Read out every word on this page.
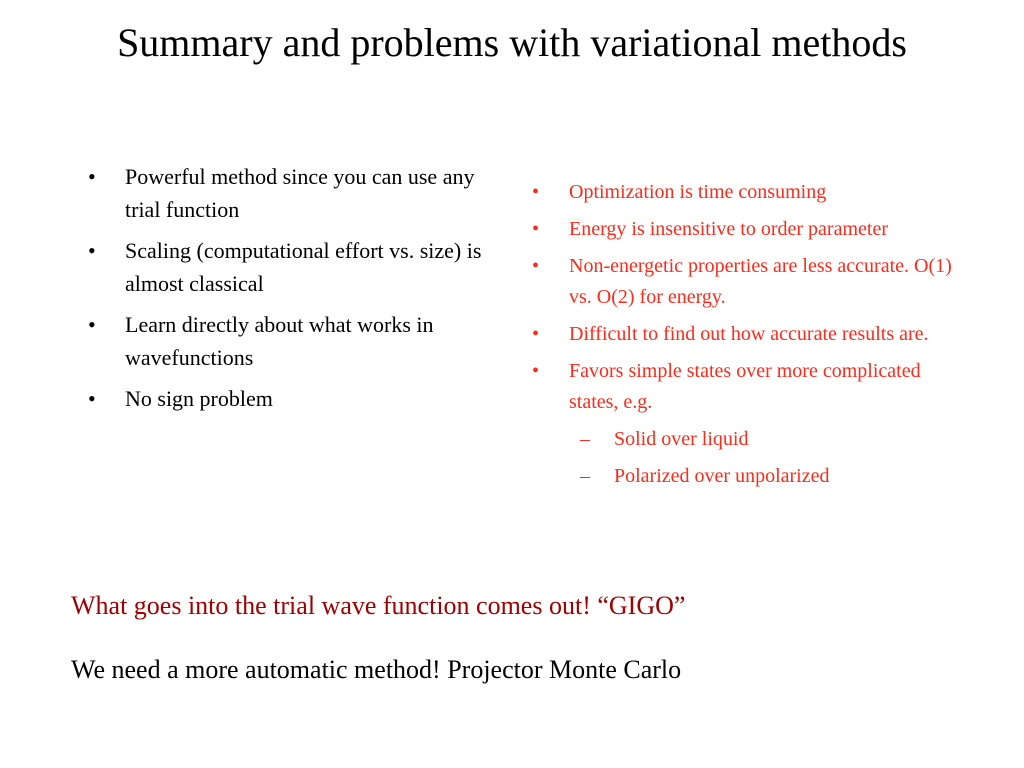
Summary and problems with variational methods
• Powerful method since you can use any trial function
• Scaling (computational effort vs. size) is almost classical
• Learn directly about what works in wavefunctions
• No sign problem
• Optimization is time consuming
• Energy is insensitive to order parameter
• Non-energetic properties are less accurate. O(1) vs. O(2) for energy.
• Difficult to find out how accurate results are.
• Favors simple states over more complicated states, e.g.
– Solid over liquid
– Polarized over unpolarized
What goes into the trial wave function comes out! “GIGO”
We need a more automatic method! Projector Monte Carlo
